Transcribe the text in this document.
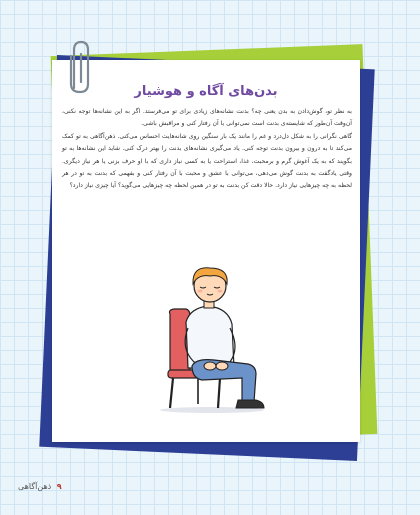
بدن‌های آگاه و هوشیار

به نظر تو، گوش‌دادن به بدن یعنی چه؟ بدنت نشانه‌های زیادی برای تو می‌فرستد. اگر به این نشانه‌ها توجه نکنی، آن‌وقت آن‌طور که شایسته‌ی بدنت است نمی‌توانی با آن رفتار کنی و مراقبش باشی.

گاهی نگرانی را به شکل دل‌درد و غم را مانند یک بار سنگین روی شانه‌هایت احساس می‌کنی. ذهن‌آگاهی به تو کمک می‌کند تا به درون و بیرون بدنت توجه کنی. یاد می‌گیری نشانه‌های بدنت را بهتر درک کنی. شاید این نشانه‌ها به تو بگویند که به یک آغوش گرم و برمحبت، غذا، استراحت یا به کسی نیاز داری که با او حرف بزنی یا هر نیاز دیگری. وقتی یادگفت به بدنت گوش می‌دهی، می‌توانی با عشق و محبت با آن رفتار کنی و بفهمی که بدنت به تو در هر لحظه به چه چیزهایی نیاز دارد. حالا دقت کن بدنت به تو در همین لحظه چه چیزهایی می‌گوید؟ آیا چیزی نیاز دارد؟

۹ ذهن‌آگاهی
